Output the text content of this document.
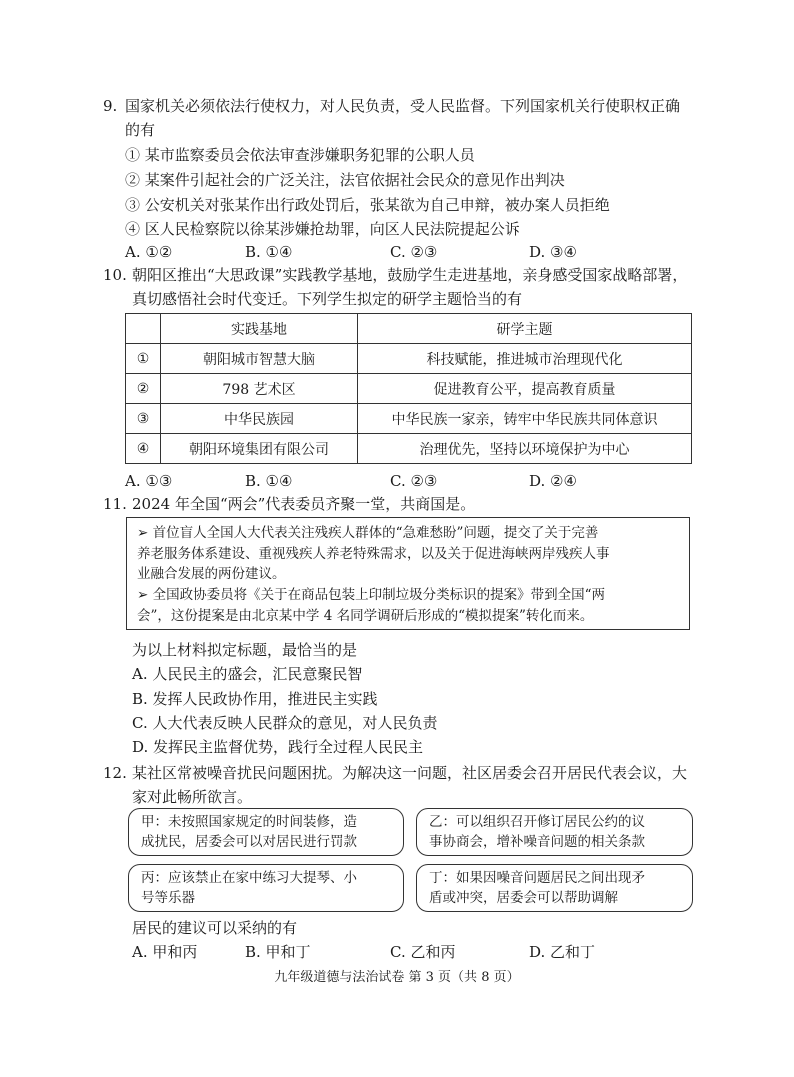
9. 国家机关必须依法行使权力，对人民负责，受人民监督。下列国家机关行使职权正确
的有
① 某市监察委员会依法审查涉嫌职务犯罪的公职人员
② 某案件引起社会的广泛关注，法官依据社会民众的意见作出判决
③ 公安机关对张某作出行政处罚后，张某欲为自己申辩，被办案人员拒绝
④ 区人民检察院以徐某涉嫌抢劫罪，向区人民法院提起公诉
A. ①②	B. ①④	C. ②③	D. ③④
10. 朝阳区推出“大思政课”实践教学基地，鼓励学生走进基地，亲身感受国家战略部署，
真切感悟社会时代变迁。下列学生拟定的研学主题恰当的有
	实践基地	研学主题
①	朝阳城市智慧大脑	科技赋能，推进城市治理现代化
②	798 艺术区	促进教育公平，提高教育质量
③	中华民族园	中华民族一家亲，铸牢中华民族共同体意识
④	朝阳环境集团有限公司	治理优先，坚持以环境保护为中心
A. ①③	B. ①④	C. ②③	D. ②④
11. 2024 年全国“两会”代表委员齐聚一堂，共商国是。
➢ 首位盲人全国人大代表关注残疾人群体的“急难愁盼”问题，提交了关于完善
养老服务体系建设、重视残疾人养老特殊需求，以及关于促进海峡两岸残疾人事
业融合发展的两份建议。
➢ 全国政协委员将《关于在商品包装上印制垃圾分类标识的提案》带到全国“两
会”，这份提案是由北京某中学 4 名同学调研后形成的“模拟提案”转化而来。
为以上材料拟定标题，最恰当的是
A. 人民民主的盛会，汇民意聚民智
B. 发挥人民政协作用，推进民主实践
C. 人大代表反映人民群众的意见，对人民负责
D. 发挥民主监督优势，践行全过程人民民主
12. 某社区常被噪音扰民问题困扰。为解决这一问题，社区居委会召开居民代表会议，大
家对此畅所欲言。
甲：未按照国家规定的时间装修，造
成扰民，居委会可以对居民进行罚款
乙：可以组织召开修订居民公约的议
事协商会，增补噪音问题的相关条款
丙：应该禁止在家中练习大提琴、小
号等乐器
丁：如果因噪音问题居民之间出现矛
盾或冲突，居委会可以帮助调解
居民的建议可以采纳的有
A. 甲和丙	B. 甲和丁	C. 乙和丙	D. 乙和丁
九年级道德与法治试卷 第 3 页（共 8 页）
